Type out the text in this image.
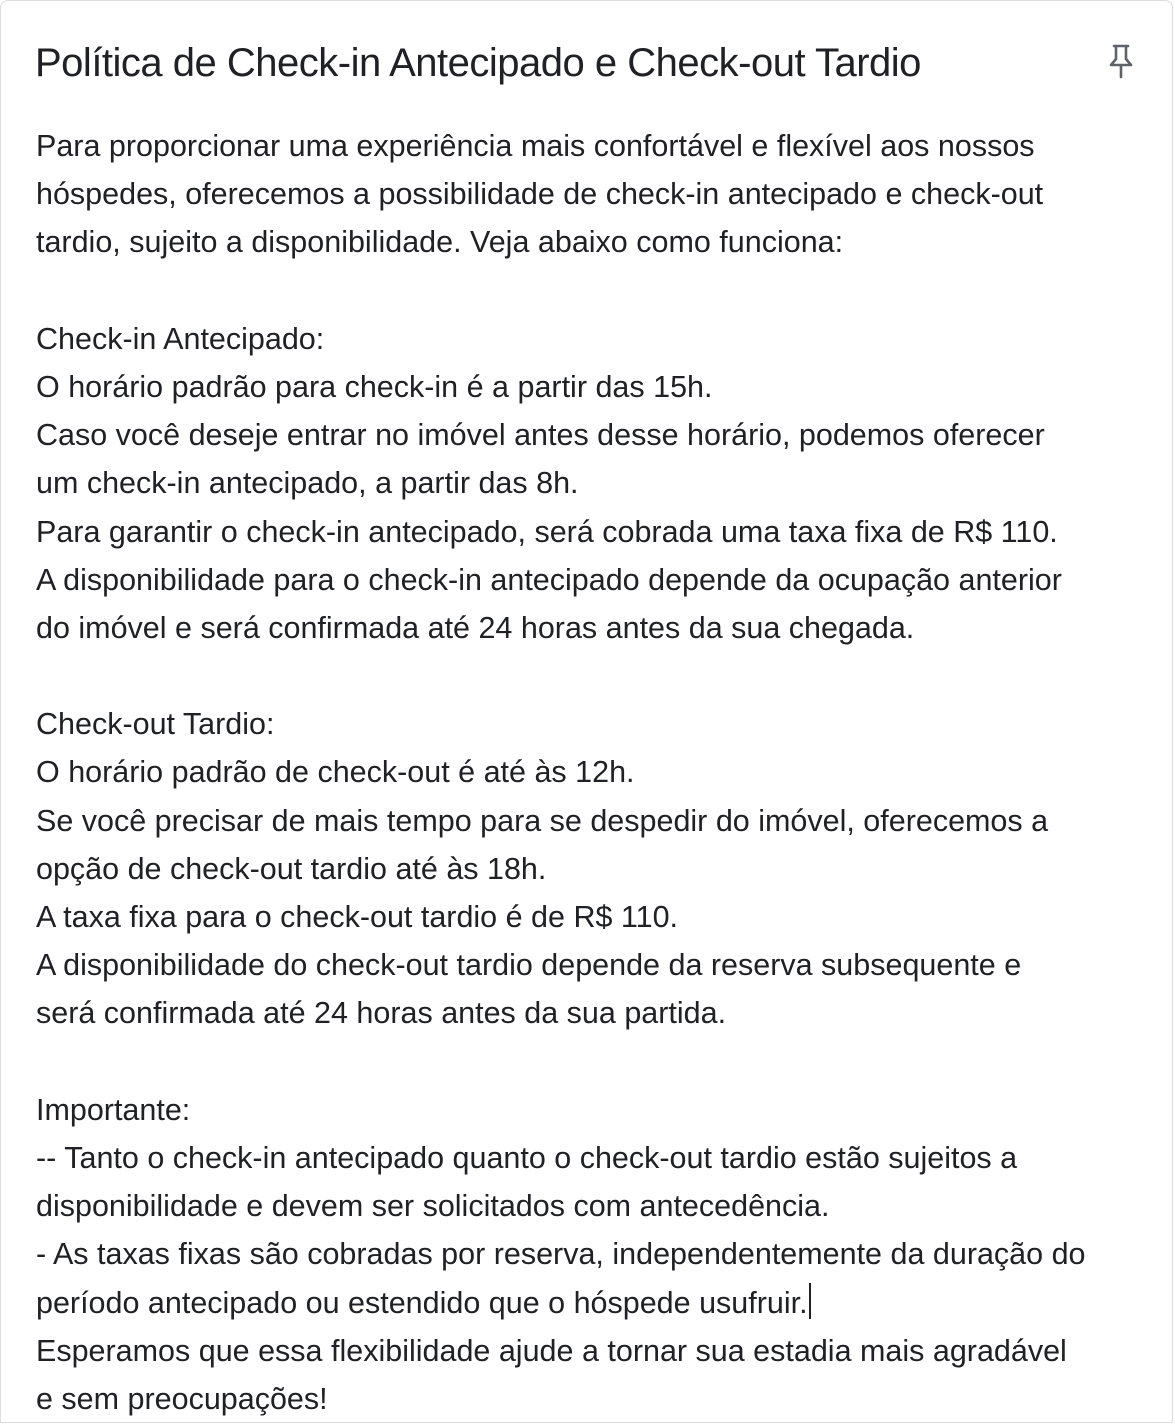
Política de Check-in Antecipado e Check-out Tardio
Para proporcionar uma experiência mais confortável e flexível aos nossos
hóspedes, oferecemos a possibilidade de check-in antecipado e check-out
tardio, sujeito a disponibilidade. Veja abaixo como funciona:
Check-in Antecipado:
O horário padrão para check-in é a partir das 15h.
Caso você deseje entrar no imóvel antes desse horário, podemos oferecer
um check-in antecipado, a partir das 8h.
Para garantir o check-in antecipado, será cobrada uma taxa fixa de R$ 110.
A disponibilidade para o check-in antecipado depende da ocupação anterior
do imóvel e será confirmada até 24 horas antes da sua chegada.
Check-out Tardio:
O horário padrão de check-out é até às 12h.
Se você precisar de mais tempo para se despedir do imóvel, oferecemos a
opção de check-out tardio até às 18h.
A taxa fixa para o check-out tardio é de R$ 110.
A disponibilidade do check-out tardio depende da reserva subsequente e
será confirmada até 24 horas antes da sua partida.
Importante:
-- Tanto o check-in antecipado quanto o check-out tardio estão sujeitos a
disponibilidade e devem ser solicitados com antecedência.
- As taxas fixas são cobradas por reserva, independentemente da duração do
período antecipado ou estendido que o hóspede usufruir.
Esperamos que essa flexibilidade ajude a tornar sua estadia mais agradável
e sem preocupações!
